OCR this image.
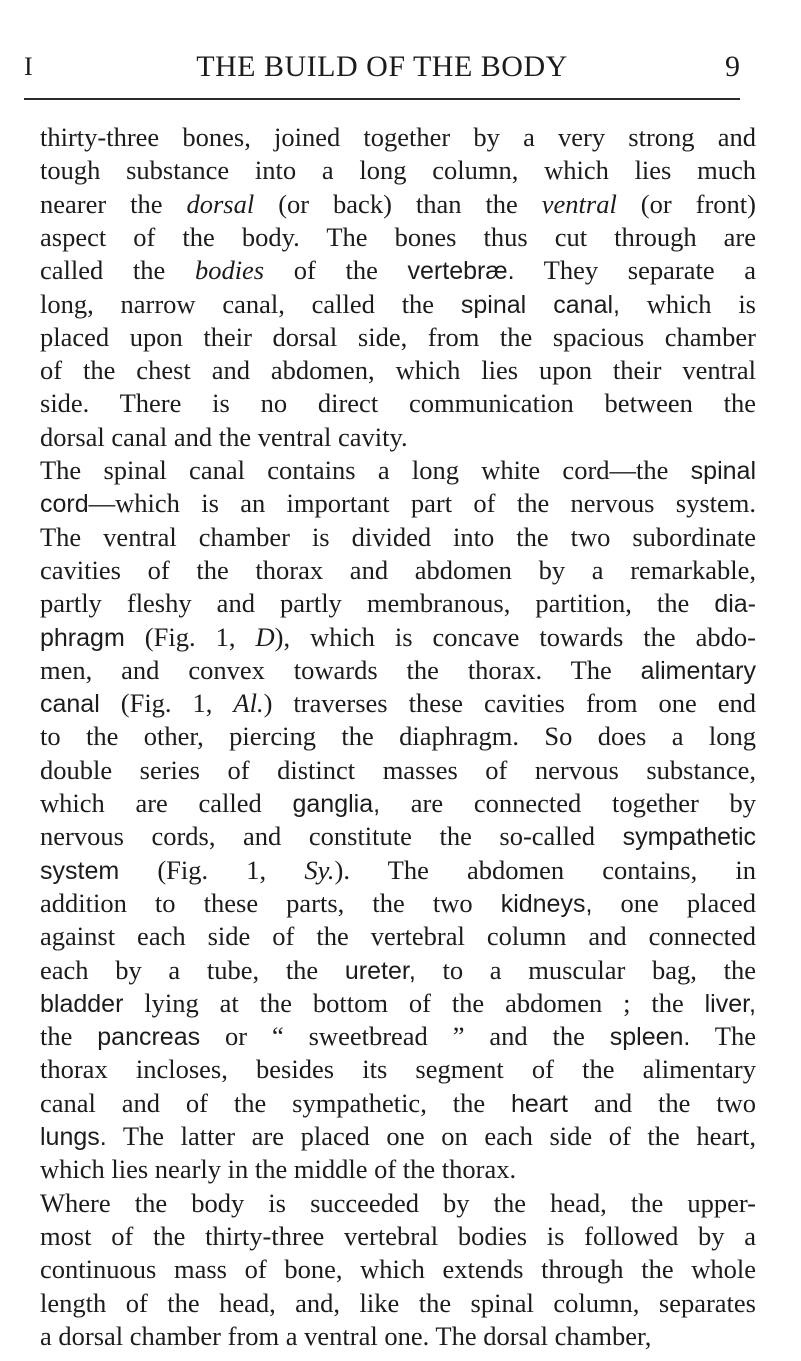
I	THE BUILD OF THE BODY	9
thirty-three bones, joined together by a very strong and
tough substance into a long column, which lies much
nearer the dorsal (or back) than the ventral (or front)
aspect of the body. The bones thus cut through are
called the bodies of the vertebræ. They separate a
long, narrow canal, called the spinal canal, which is
placed upon their dorsal side, from the spacious chamber
of the chest and abdomen, which lies upon their ventral
side. There is no direct communication between the
dorsal canal and the ventral cavity.
The spinal canal contains a long white cord—the spinal
cord—which is an important part of the nervous system.
The ventral chamber is divided into the two subordinate
cavities of the thorax and abdomen by a remarkable,
partly fleshy and partly membranous, partition, the dia-
phragm (Fig. 1, D), which is concave towards the abdo-
men, and convex towards the thorax. The alimentary
canal (Fig. 1, Al.) traverses these cavities from one end
to the other, piercing the diaphragm. So does a long
double series of distinct masses of nervous substance,
which are called ganglia, are connected together by
nervous cords, and constitute the so-called sympathetic
system (Fig. 1, Sy.). The abdomen contains, in
addition to these parts, the two kidneys, one placed
against each side of the vertebral column and connected
each by a tube, the ureter, to a muscular bag, the
bladder lying at the bottom of the abdomen ; the liver,
the pancreas or “ sweetbread ” and the spleen. The
thorax incloses, besides its segment of the alimentary
canal and of the sympathetic, the heart and the two
lungs. The latter are placed one on each side of the heart,
which lies nearly in the middle of the thorax.
Where the body is succeeded by the head, the upper-
most of the thirty-three vertebral bodies is followed by a
continuous mass of bone, which extends through the whole
length of the head, and, like the spinal column, separates
a dorsal chamber from a ventral one. The dorsal chamber,
